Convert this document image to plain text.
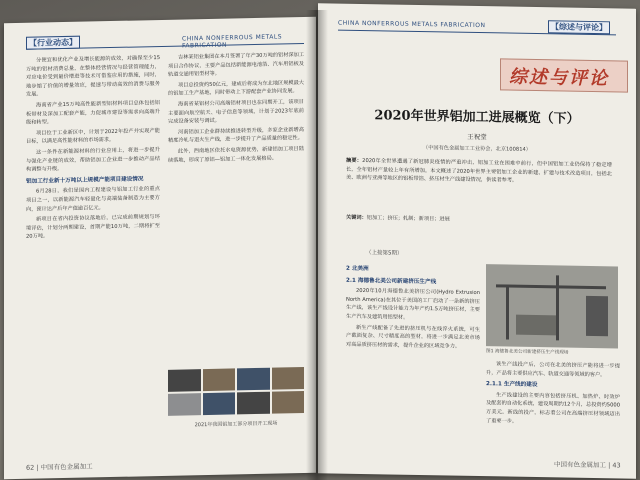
【行业动态】	CHINA NONFERROUS METALS

分便宜和优化产业及增长能源的成效，对确保至少15万吨的铝材消费总量，在整体经营情况与经营管理能力，对应电价受到量价增进等技术可借鉴应用的措施，同时，地步缩了价值的增量效应，提速与带动高效的消费与服务发展。

海南省产业15万吨高性能新型铝材料项目总体包括铝板带材及深加工配套产能，力促城市建设等需求向高端升级和转型。

项目位于工业新区中，计划于2022年投产并实现产能目标，以满足高性能材料的市场需求。

这一条件在新能源材料的行业应用上，将进一步提升与强化产业链的成效，帮助铝加工企业进一步推动产品结构调整与升级。

铝加工行业新十万吨以上规模产能项目建设情况

6月28日，我们是国内工程建设与铝加工行业的重点项目之一，以新能源汽车轻量化与高端装备制造为主要方向，预计达产后年产值逾百亿元。

新项目在省内投资协议落地后，已完成前期规划与环境评估，计划分两期建设，首期产能10万吨，二期将扩至20万吨。

吉林某铝业集团在本月签署了年产30万吨的铝材深加工项目合作协议，主要产品包括新能源电池箔、汽车用铝板及轨道交通用铝型材等。

项目总投资约50亿元，建成后将成为东北地区规模最大的铝加工生产基地，同时带动上下游配套产业协同发展。

海南省某铝材公司高端铝材项目也在同期开工，该项目主要面向航空航天、电子信息等领域，计划于2023年底前完成设备安装与调试。

河南铝加工企业群持续推进转型升级，多家企业新增高精度冷轧与退火生产线，进一步提升了产品质量的稳定性。

此外，西南地区依托水电资源优势，新建铝加工项目陆续落地，形成了原铝—铝加工一体化发展格局。

2021年我国铝加工部分项目开工现场
62 | 中国有色金属加工
CHINA NONFERROUS METALS FABRICATION	【综述与评论】
综述与评论
2020年世界铝加工进展概览（下）
王祝堂
（中国有色金属加工工业协会，北京100814）
摘要：2020年全世界遭遇了新冠肺炎疫情的严重冲击，铝加工业在困难中前行，但中国铝加工业仍保持了稳定增长，全年铝材产量较上年有所增加。本文概述了2020年世界主要铝加工企业的新建、扩建与技术改造项目，包括北美、欧洲与亚洲等地区的铝板带箔、挤压材生产线建设情况，供读者参考。
关键词：铝加工；挤压；轧制；新项目；进展
（上接第5期）
2 北美洲
2.1 海德鲁北美公司新建挤压生产线

2020年10月海德鲁北美挤压公司(Hydro Extrusion North America)在其位于美国的工厂启动了一条新的挤压生产线，该生产线设计能力为年产约1.5万吨挤压材，主要生产汽车及建筑用铝型材。

新生产线配备了先进的挤压机与在线淬火系统，可生产截面复杂、尺寸精度高的型材，将进一步满足北美市场对高品质挤压材的需求，提升企业的区域竞争力。

图1 海德鲁北美公司新建挤压生产线现场

该生产线投产后，公司在北美的挤压产能将进一步提升，产品将主要供应汽车、轨道交通等领域的客户。

2.1.1 生产线的建设

生产线建设的主要内容包括挤压机、加热炉、时效炉及配套的自动化系统，建设周期约12个月，总投资约5000万美元。新线的投产，标志着公司在高端挤压材领域迈出了重要一步。

中国有色金属加工 | 43
